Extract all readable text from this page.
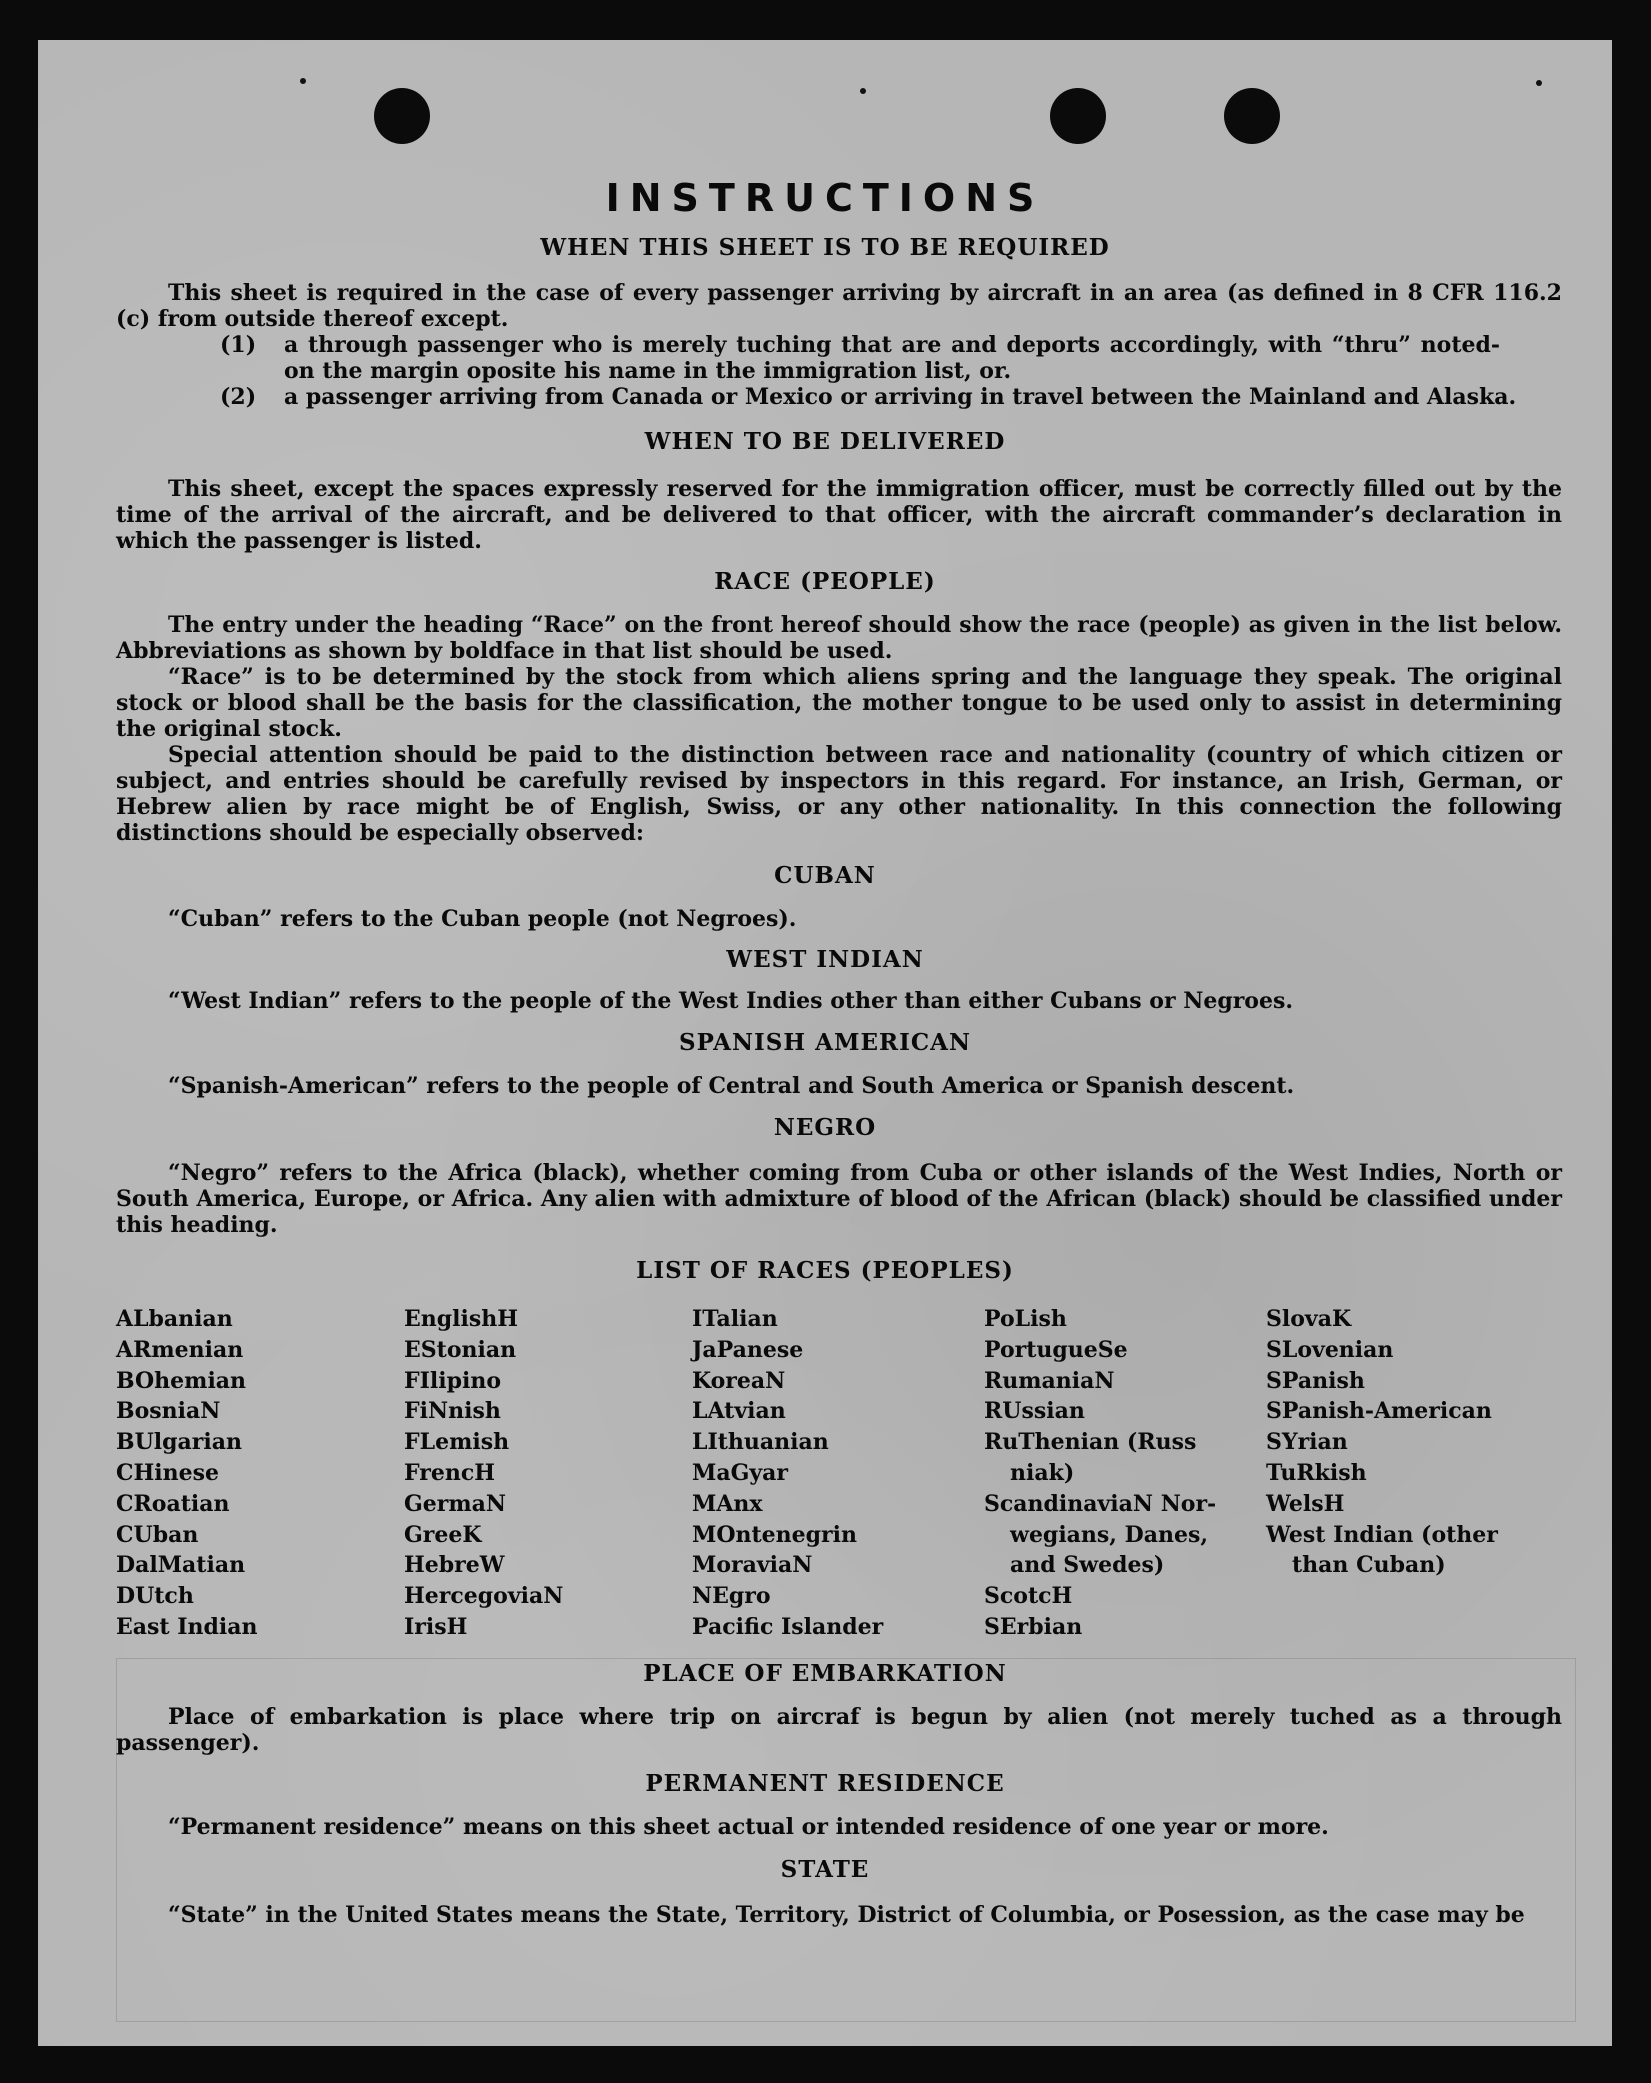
INSTRUCTIONS
WHEN THIS SHEET IS TO BE REQUIRED
This sheet is required in the case of every passenger arriving by aircraft in an area (as defined in 8 CFR 116.2 (c) from outside thereof except.
(1) a through passenger who is merely tuching that are and deports accordingly, with “thru” noted-on the margin oposite his name in the immigration list, or.
(2) a passenger arriving from Canada or Mexico or arriving in travel between the Mainland and Alaska.
WHEN TO BE DELIVERED
This sheet, except the spaces expressly reserved for the immigration officer, must be correctly filled out by the time of the arrival of the aircraft, and be delivered to that officer, with the aircraft commander’s declaration in which the passenger is listed.
RACE (PEOPLE)
The entry under the heading “Race” on the front hereof should show the race (people) as given in the list below. Abbreviations as shown by boldface in that list should be used.
“Race” is to be determined by the stock from which aliens spring and the language they speak. The original stock or blood shall be the basis for the classification, the mother tongue to be used only to assist in determining the original stock.
Special attention should be paid to the distinction between race and nationality (country of which citizen or subject, and entries should be carefully revised by inspectors in this regard. For instance, an Irish, German, or Hebrew alien by race might be of English, Swiss, or any other nationality. In this connection the following distinctions should be especially observed:
CUBAN
“Cuban” refers to the Cuban people (not Negroes).
WEST INDIAN
“West Indian” refers to the people of the West Indies other than either Cubans or Negroes.
SPANISH AMERICAN
“Spanish-American” refers to the people of Central and South America or Spanish descent.
NEGRO
“Negro” refers to the Africa (black), whether coming from Cuba or other islands of the West Indies, North or South America, Europe, or Africa. Any alien with admixture of blood of the African (black) should be classified under this heading.
LIST OF RACES (PEOPLES)
ALbanian
ARmenian
BOhemian
BosniaN
BUlgarian
CHinese
CRoatian
CUban
DalMatian
DUtch
East Indian
EnglishH
EStonian
FIlipino
FiNnish
FLemish
FrencH
GermaN
GreeK
HebreW
HercegoviaN
IrisH
ITalian
JaPanese
KoreaN
LAtvian
LIthuanian
MaGyar
MAnx
MOntenegrin
MoraviaN
NEgro
Pacific Islander
PoLish
PortugueSe
RumaniaN
RUssian
RuThenian (Russ
niak)
ScandinaviaN Nor-
wegians, Danes,
and Swedes)
ScotcH
SErbian
SlovaK
SLovenian
SPanish
SPanish-American
SYrian
TuRkish
WelsH
West Indian (other
than Cuban)
PLACE OF EMBARKATION
Place of embarkation is place where trip on aircraf is begun by alien (not merely tuched as a through passenger).
PERMANENT RESIDENCE
“Permanent residence” means on this sheet actual or intended residence of one year or more.
STATE
“State” in the United States means the State, Territory, District of Columbia, or Posession, as the case may be
